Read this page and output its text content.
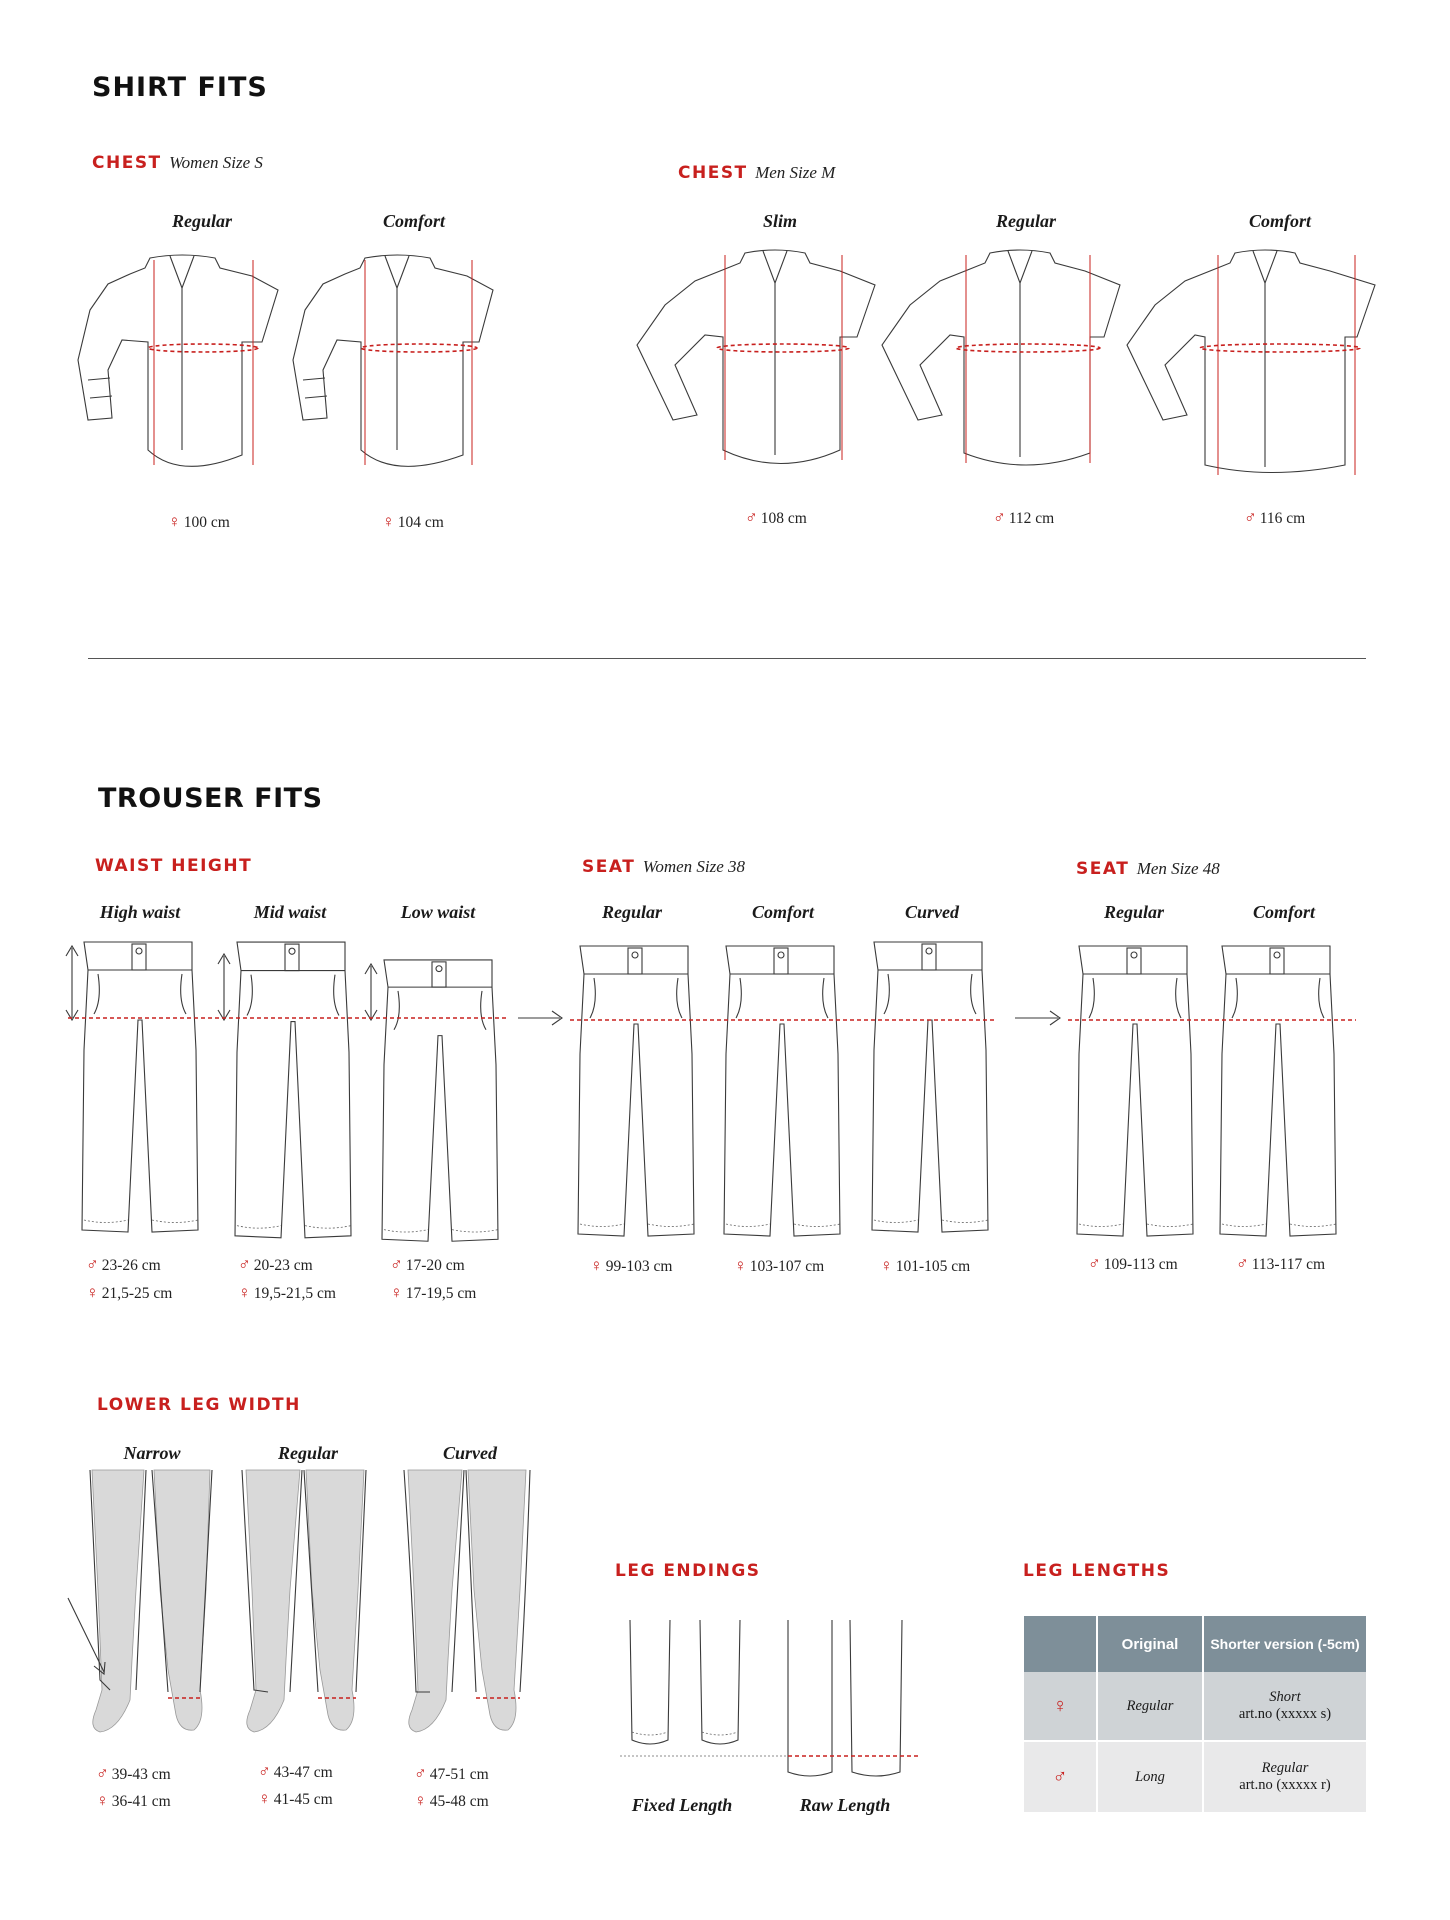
SHIRT FITS
CHEST Women Size S
CHEST Men Size M
Regular	Comfort	Slim	Regular	Comfort
♀ 100 cm	♀ 104 cm	♂ 108 cm	♂ 112 cm	♂ 116 cm
TROUSER FITS
WAIST HEIGHT	SEAT Women Size 38	SEAT Men Size 48
High waist	Mid waist	Low waist	Regular	Comfort	Curved	Regular	Comfort
♂ 23-26 cm
♀ 21,5-25 cm
♂ 20-23 cm
♀ 19,5-21,5 cm
♂ 17-20 cm
♀ 17-19,5 cm
♀ 99-103 cm	♀ 103-107 cm	♀ 101-105 cm	♂ 109-113 cm	♂ 113-117 cm
LOWER LEG WIDTH
Narrow	Regular	Curved
♂ 39-43 cm
♀ 36-41 cm
♂ 43-47 cm
♀ 41-45 cm
♂ 47-51 cm
♀ 45-48 cm
LEG ENDINGS
Fixed Length	Raw Length
LEG LENGTHS
	Original	Shorter version (-5cm)
♀	Regular	Short
art.no (xxxxx s)

♂	Long	Regular
art.no (xxxxx r)
